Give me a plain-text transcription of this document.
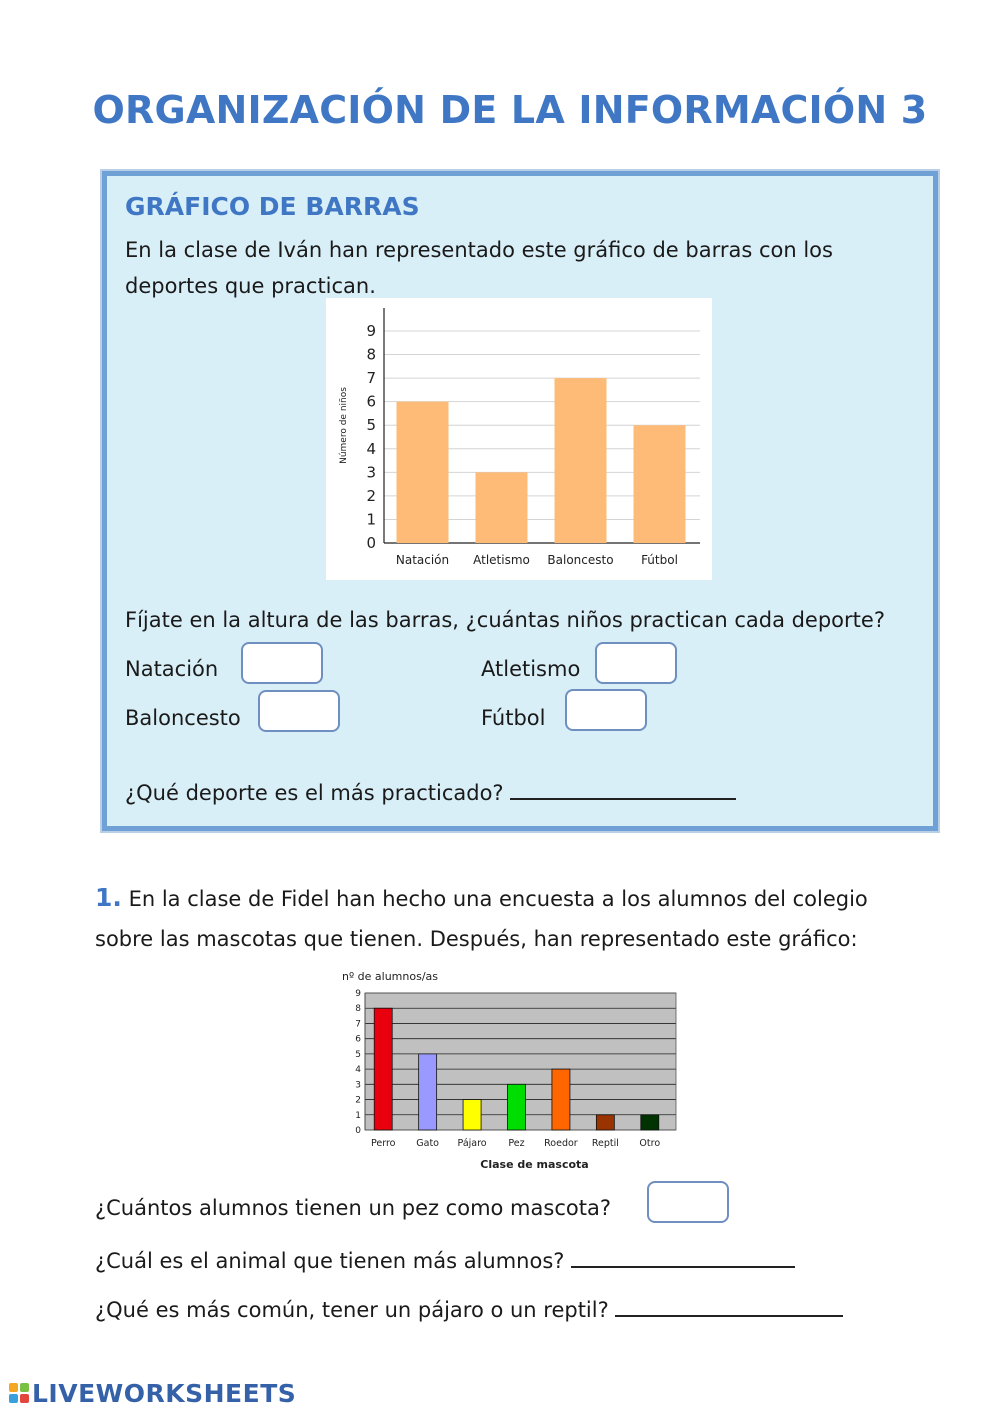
ORGANIZACIÓN DE LA INFORMACIÓN 3
GRÁFICO DE BARRAS
En la clase de Iván han representado este gráfico de barras con los
deportes que practican.
0
1
2
3
4
5
6
7
8
9
Número de niños
Natación Atletismo Baloncesto Fútbol
Fíjate en la altura de las barras, ¿cuántas niños practican cada deporte?
Natación	Atletismo
Baloncesto	Fútbol
¿Qué deporte es el más practicado?
1. En la clase de Fidel han hecho una encuesta a los alumnos del colegio
sobre las mascotas que tienen. Después, han representado este gráfico:
0
1
2
3
4
5
6
7
8
9
nº de alumnos/as
Perro Gato Pájaro Pez Roedor Reptil Otro
Clase de mascota
¿Cuántos alumnos tienen un pez como mascota?
¿Cuál es el animal que tienen más alumnos?
¿Qué es más común, tener un pájaro o un reptil?
LIVEWORKSHEETS
